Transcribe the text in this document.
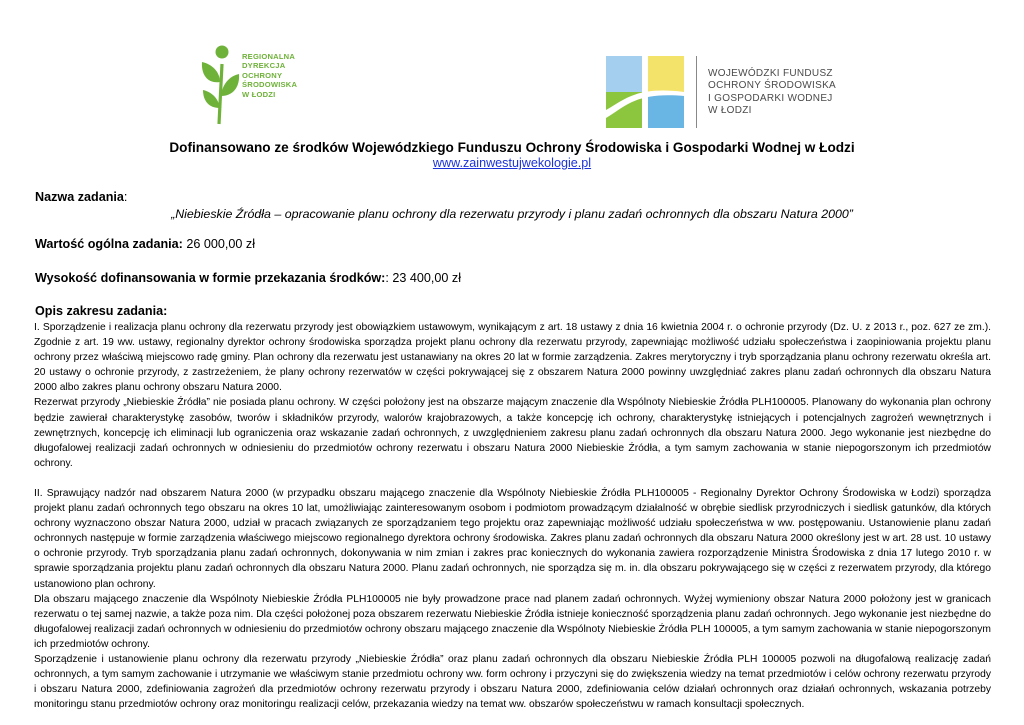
REGIONALNA
DYREKCJA
OCHRONY
ŚRODOWISKA
W ŁODZI
WOJEWÓDZKI FUNDUSZ
OCHRONY ŚRODOWISKA
I GOSPODARKI WODNEJ
W ŁODZI
Dofinansowano ze środków Wojewódzkiego Funduszu Ochrony Środowiska i Gospodarki Wodnej w Łodzi
www.zainwestujwekologie.pl
Nazwa zadania:
„Niebieskie Źródła – opracowanie planu ochrony dla rezerwatu przyrody i planu zadań ochronnych dla obszaru Natura 2000”
Wartość ogólna zadania: 26 000,00 zł
Wysokość dofinansowania w formie przekazania środków:: 23 400,00 zł
Opis zakresu zadania:

I. Sporządzenie i realizacja planu ochrony dla rezerwatu przyrody jest obowiązkiem ustawowym, wynikającym z art. 18 ustawy z dnia 16 kwietnia 2004 r. o ochronie przyrody (Dz. U. z 2013 r., poz. 627 ze zm.). Zgodnie z art. 19 ww. ustawy, regionalny dyrektor ochrony środowiska sporządza projekt planu ochrony dla rezerwatu przyrody, zapewniając możliwość udziału społeczeństwa i zaopiniowania projektu planu ochrony przez właściwą miejscowo radę gminy. Plan ochrony dla rezerwatu jest ustanawiany na okres 20 lat w formie zarządzenia. Zakres merytoryczny i tryb sporządzania planu ochrony rezerwatu określa art. 20 ustawy o ochronie przyrody, z zastrzeżeniem, że plany ochrony rezerwatów w części pokrywającej się z obszarem Natura 2000 powinny uwzględniać zakres planu zadań ochronnych dla obszaru Natura 2000 albo zakres planu ochrony obszaru Natura 2000.

Rezerwat przyrody „Niebieskie Źródła” nie posiada planu ochrony. W części położony jest na obszarze mającym znaczenie dla Wspólnoty Niebieskie Źródła PLH100005. Planowany do wykonania plan ochrony będzie zawierał charakterystykę zasobów, tworów i składników przyrody, walorów krajobrazowych, a także koncepcję ich ochrony, charakterystykę istniejących i potencjalnych zagrożeń wewnętrznych i zewnętrznych, koncepcję ich eliminacji lub ograniczenia oraz wskazanie zadań ochronnych, z uwzględnieniem zakresu planu zadań ochronnych dla obszaru Natura 2000. Jego wykonanie jest niezbędne do długofalowej realizacji zadań ochronnych w odniesieniu do przedmiotów ochrony rezerwatu i obszaru Natura 2000 Niebieskie Źródła, a tym samym zachowania w stanie niepogorszonym ich przedmiotów ochrony.

II. Sprawujący nadzór nad obszarem Natura 2000 (w przypadku obszaru mającego znaczenie dla Wspólnoty Niebieskie Źródła PLH100005 - Regionalny Dyrektor Ochrony Środowiska w Łodzi) sporządza projekt planu zadań ochronnych tego obszaru na okres 10 lat, umożliwiając zainteresowanym osobom i podmiotom prowadzącym działalność w obrębie siedlisk przyrodniczych i siedlisk gatunków, dla których ochrony wyznaczono obszar Natura 2000, udział w pracach związanych ze sporządzaniem tego projektu oraz zapewniając możliwość udziału społeczeństwa w ww. postępowaniu. Ustanowienie planu zadań ochronnych następuje w formie zarządzenia właściwego miejscowo regionalnego dyrektora ochrony środowiska. Zakres planu zadań ochronnych dla obszaru Natura 2000 określony jest w art. 28 ust. 10 ustawy o ochronie przyrody. Tryb sporządzania planu zadań ochronnych, dokonywania w nim zmian i zakres prac koniecznych do wykonania zawiera rozporządzenie Ministra Środowiska z dnia 17 lutego 2010 r. w sprawie sporządzania projektu planu zadań ochronnych dla obszaru Natura 2000. Planu zadań ochronnych, nie sporządza się m. in. dla obszaru pokrywającego się w części z rezerwatem przyrody, dla którego ustanowiono plan ochrony.

Dla obszaru mającego znaczenie dla Wspólnoty Niebieskie Źródła PLH100005 nie były prowadzone prace nad planem zadań ochronnych. Wyżej wymieniony obszar Natura 2000 położony jest w granicach rezerwatu o tej samej nazwie, a także poza nim. Dla części położonej poza obszarem rezerwatu Niebieskie Źródła istnieje konieczność sporządzenia planu zadań ochronnych. Jego wykonanie jest niezbędne do długofalowej realizacji zadań ochronnych w odniesieniu do przedmiotów ochrony obszaru mającego znaczenie dla Wspólnoty Niebieskie Źródła PLH 100005, a tym samym zachowania w stanie niepogorszonym ich przedmiotów ochrony.

Sporządzenie i ustanowienie planu ochrony dla rezerwatu przyrody „Niebieskie Źródła” oraz planu zadań ochronnych dla obszaru Niebieskie Źródła PLH 100005 pozwoli na długofalową realizację zadań ochronnych, a tym samym zachowanie i utrzymanie we właściwym stanie przedmiotu ochrony ww. form ochrony i przyczyni się do zwiększenia wiedzy na temat przedmiotów i celów ochrony rezerwatu przyrody i obszaru Natura 2000, zdefiniowania zagrożeń dla przedmiotów ochrony rezerwatu przyrody i obszaru Natura 2000, zdefiniowania celów działań ochronnych oraz działań ochronnych, wskazania potrzeby monitoringu stanu przedmiotów ochrony oraz monitoringu realizacji celów, przekazania wiedzy na temat ww. obszarów społeczeństwu w ramach konsultacji społecznych.
